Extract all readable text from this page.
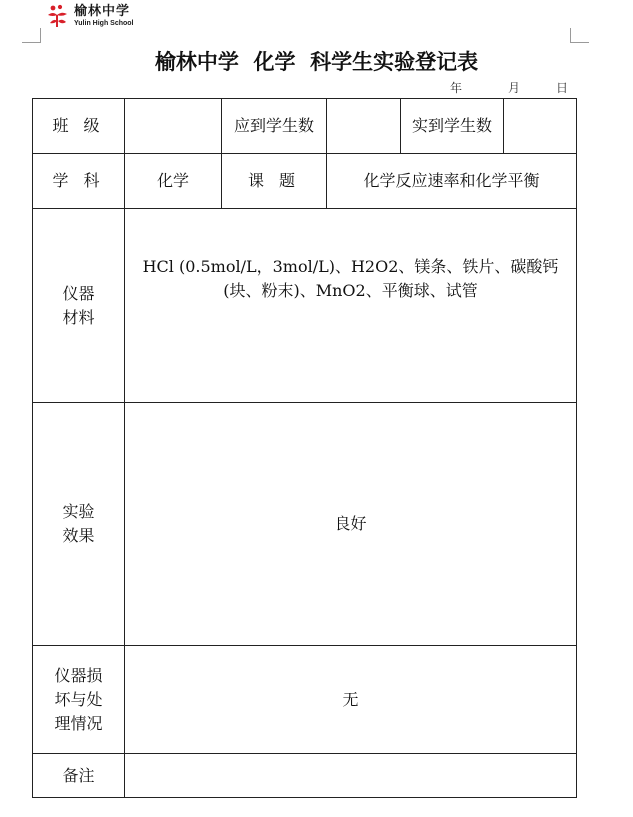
榆林中学
Yulin High School
榆林中学  化学  科学生实验登记表
年	月	日
班 级		应到学生数		实到学生数	
学 科	化学	课 题	化学反应速率和化学平衡		

仪器
材料	HCl (0.5mol/L，3mol/L)、H2O2、镁条、铁片、碳酸钙(块、粉末)、MnO2、平衡球、试管				

实验
效果	良好				

仪器损
坏与处
理情况	无				
备注					
